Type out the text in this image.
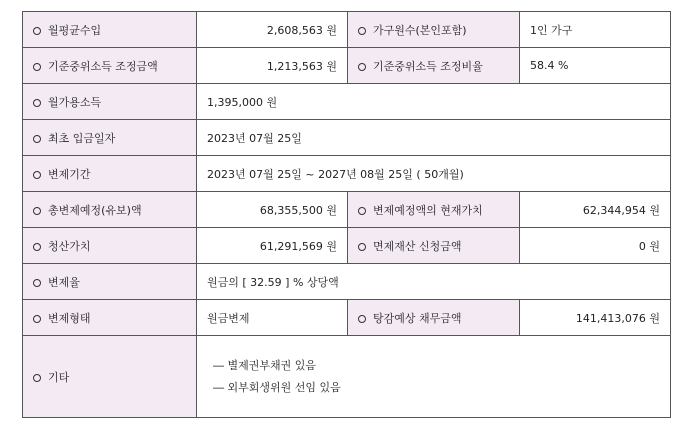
월평균수입	2,608,563 원	가구원수(본인포함)	1인 가구
기준중위소득 조정금액	1,213,563 원	기준중위소득 조정비율	58.4 %
월가용소득	1,395,000 원		
최초 입금일자	2023년 07월 25일		
변제기간	2023년 07월 25일 ~ 2027년 08월 25일 ( 50개월)		
총변제예정(유보)액	68,355,500 원	변제예정액의 현재가치	62,344,954 원
청산가치	61,291,569 원	면제재산 신청금액	0 원
변제율	원금의 [ 32.59 ] % 상당액		
변제형태	원금변제	탕감예상 채무금액	141,413,076 원
기타	― 별제권부채권 있음
― 외부회생위원 선임 있음		
